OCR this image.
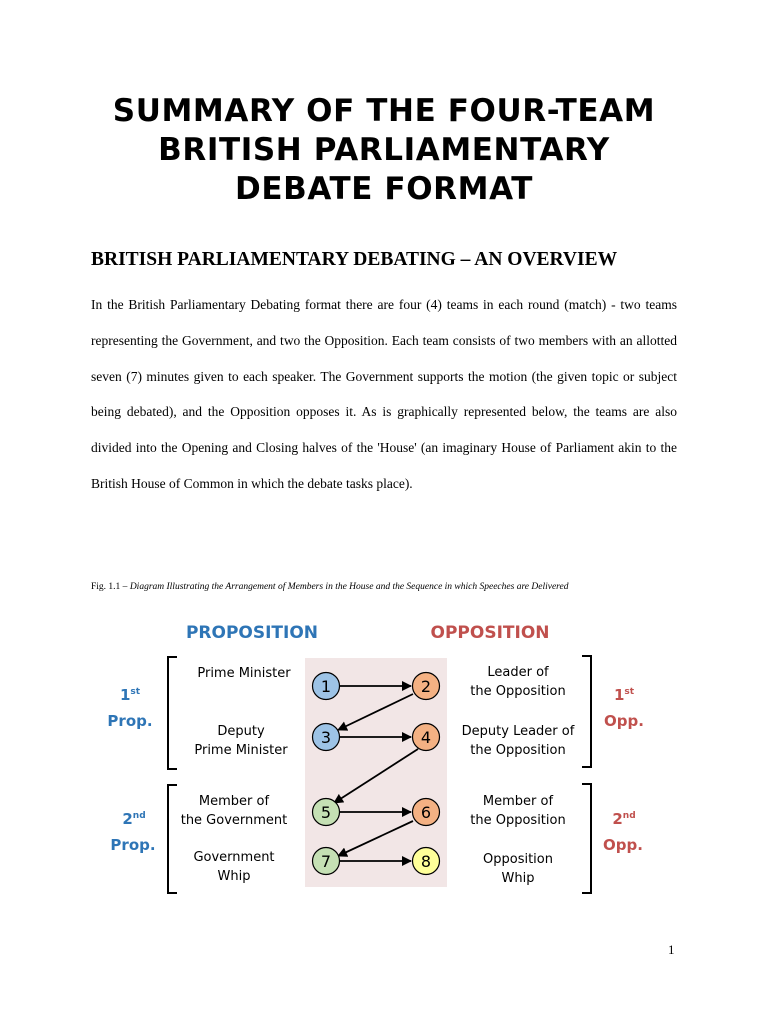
SUMMARY OF THE FOUR-TEAM
BRITISH PARLIAMENTARY
DEBATE FORMAT
BRITISH PARLIAMENTARY DEBATING – AN OVERVIEW

In the British Parliamentary Debating format there are four (4) teams in each round (match) - two teams representing the Government, and two the Opposition. Each team consists of two members with an allotted seven (7) minutes given to each speaker. The Government supports the motion (the given topic or subject being debated), and the Opposition opposes it. As is graphically represented below, the teams are also divided into the Opening and Closing halves of the 'House' (an imaginary House of Parliament akin to the British House of Common in which the debate tasks place).

Fig. 1.1 – Diagram Illustrating the Arrangement of Members in the House and the Sequence in which Speeches are Delivered

PROPOSITION	OPPOSITION
1st
Prop.
2nd
Prop.
1st
Opp.
2nd
Opp.
Prime Minister
Deputy Prime Minister
Member of the Government
Government Whip
Leader of the Opposition
Deputy Leader of the Opposition
Member of the Opposition
Opposition Whip
1	2
3	4
5	6
7	8
1
